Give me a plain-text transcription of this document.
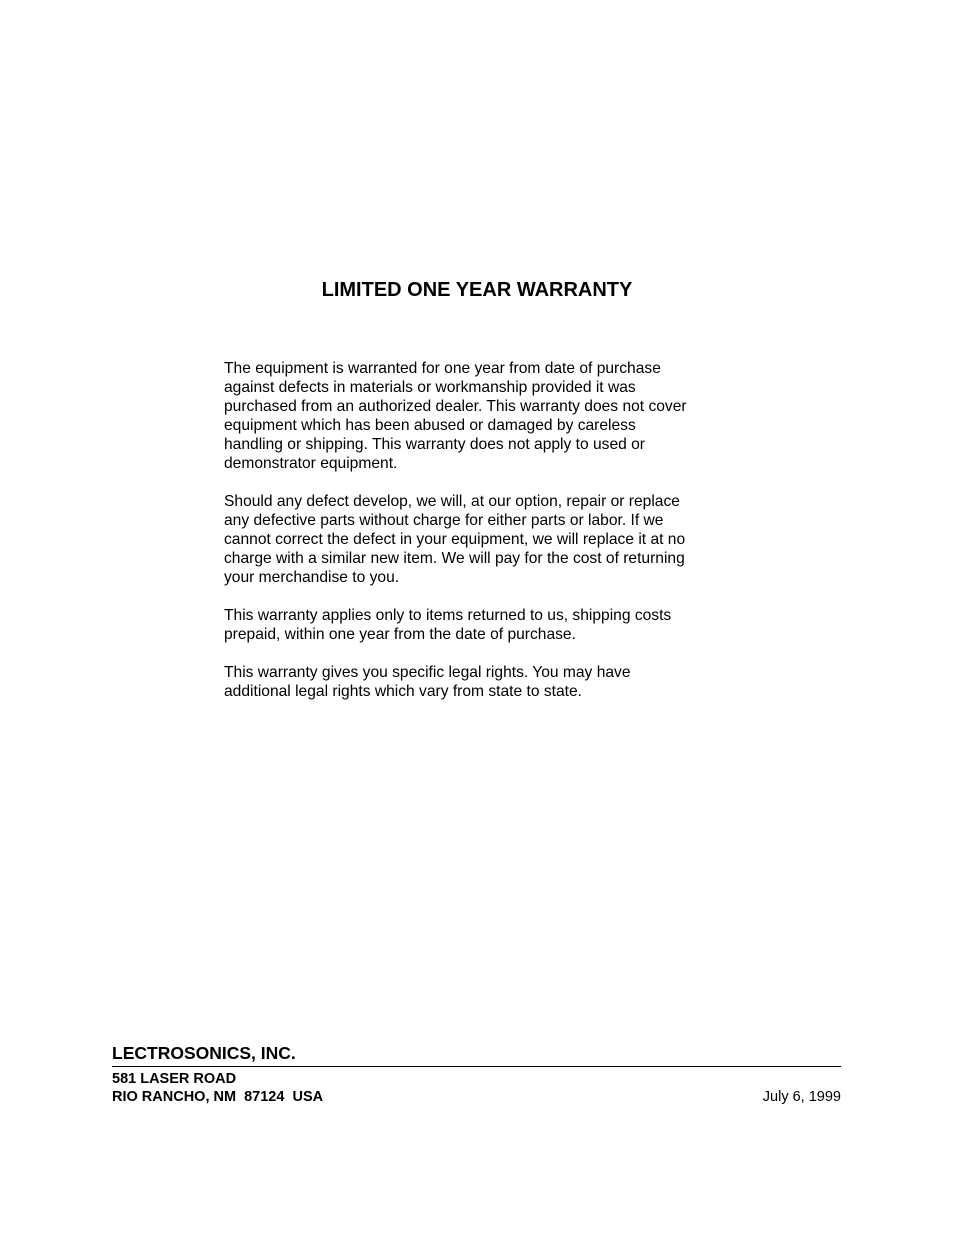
LIMITED ONE YEAR WARRANTY

The equipment is warranted for one year from date of purchase
against defects in materials or workmanship provided it was
purchased from an authorized dealer. This warranty does not cover
equipment which has been abused or damaged by careless
handling or shipping. This warranty does not apply to used or
demonstrator equipment.

Should any defect develop, we will, at our option, repair or replace
any defective parts without charge for either parts or labor. If we
cannot correct the defect in your equipment, we will replace it at no
charge with a similar new item. We will pay for the cost of returning
your merchandise to you.

This warranty applies only to items returned to us, shipping costs
prepaid, within one year from the date of purchase.

This warranty gives you specific legal rights. You may have
additional legal rights which vary from state to state.

LECTROSONICS, INC.
581 LASER ROAD
RIO RANCHO, NM  87124  USA	July 6, 1999
